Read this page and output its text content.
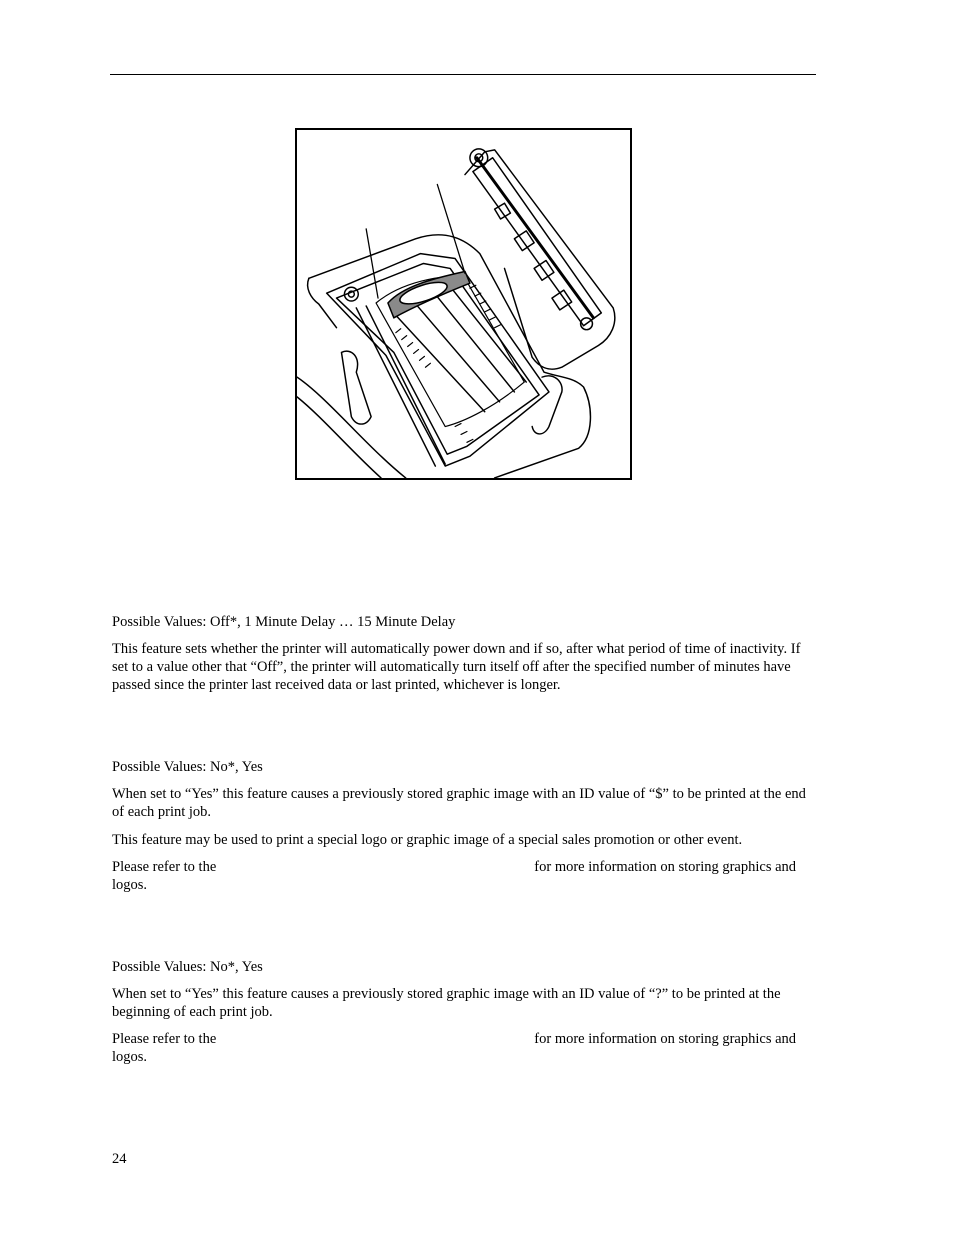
Possible Values: Off*, 1 Minute Delay … 15 Minute Delay

This feature sets whether the printer will automatically power down and if so, after what period of time of inactivity. If set to a value other that “Off”, the printer will automatically turn itself off after the specified number of minutes have passed since the printer last received data or last printed, whichever is longer.

Possible Values: No*, Yes

When set to “Yes” this feature causes a previously stored graphic image with an ID value of “$” to be printed at the end of each print job.

This feature may be used to print a special logo or graphic image of a special sales promotion or other event.

Please refer to the	for more information on storing graphics and logos.

Possible Values: No*, Yes

When set to “Yes” this feature causes a previously stored graphic image with an ID value of “?” to be printed at the beginning of each print job.

Please refer to the	for more information on storing graphics and logos.

24
